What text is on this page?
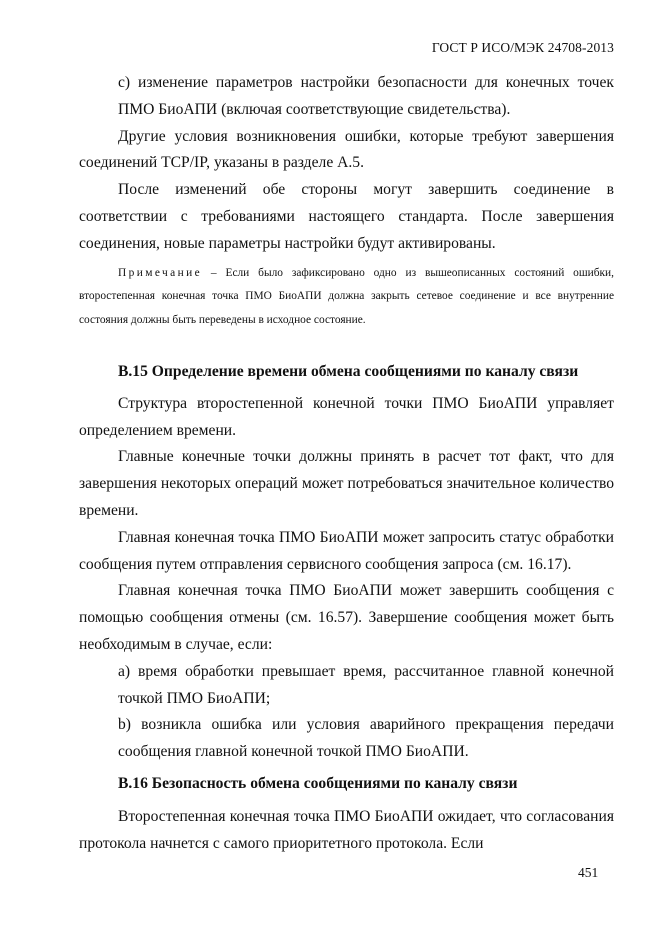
ГОСТ Р ИСО/МЭК 24708-2013

c) изменение параметров настройки безопасности для конечных точек ПМО БиоАПИ (включая соответствующие свидетельства).

Другие условия возникновения ошибки, которые требуют завершения соединений TCP/IP, указаны в разделе А.5.

После изменений обе стороны могут завершить соединение в соответствии с требованиями настоящего стандарта. После завершения соединения, новые параметры настройки будут активированы.

Примечание – Если было зафиксировано одно из вышеописанных состояний ошибки, второстепенная конечная точка ПМО БиоАПИ должна закрыть сетевое соединение и все внутренние состояния должны быть переведены в исходное состояние.

B.15 Определение времени обмена сообщениями по каналу связи

Структура второстепенной конечной точки ПМО БиоАПИ управляет определением времени.

Главные конечные точки должны принять в расчет тот факт, что для завершения некоторых операций может потребоваться значительное количество времени.

Главная конечная точка ПМО БиоАПИ может запросить статус обработки сообщения путем отправления сервисного сообщения запроса (см. 16.17).

Главная конечная точка ПМО БиоАПИ может завершить сообщения с помощью сообщения отмены (см. 16.57). Завершение сообщения может быть необходимым в случае, если:

a) время обработки превышает время, рассчитанное главной конечной точкой ПМО БиоАПИ;

b) возникла ошибка или условия аварийного прекращения передачи сообщения главной конечной точкой ПМО БиоАПИ.

B.16 Безопасность обмена сообщениями по каналу связи

Второстепенная конечная точка ПМО БиоАПИ ожидает, что согласования протокола начнется с самого приоритетного протокола. Если

451
